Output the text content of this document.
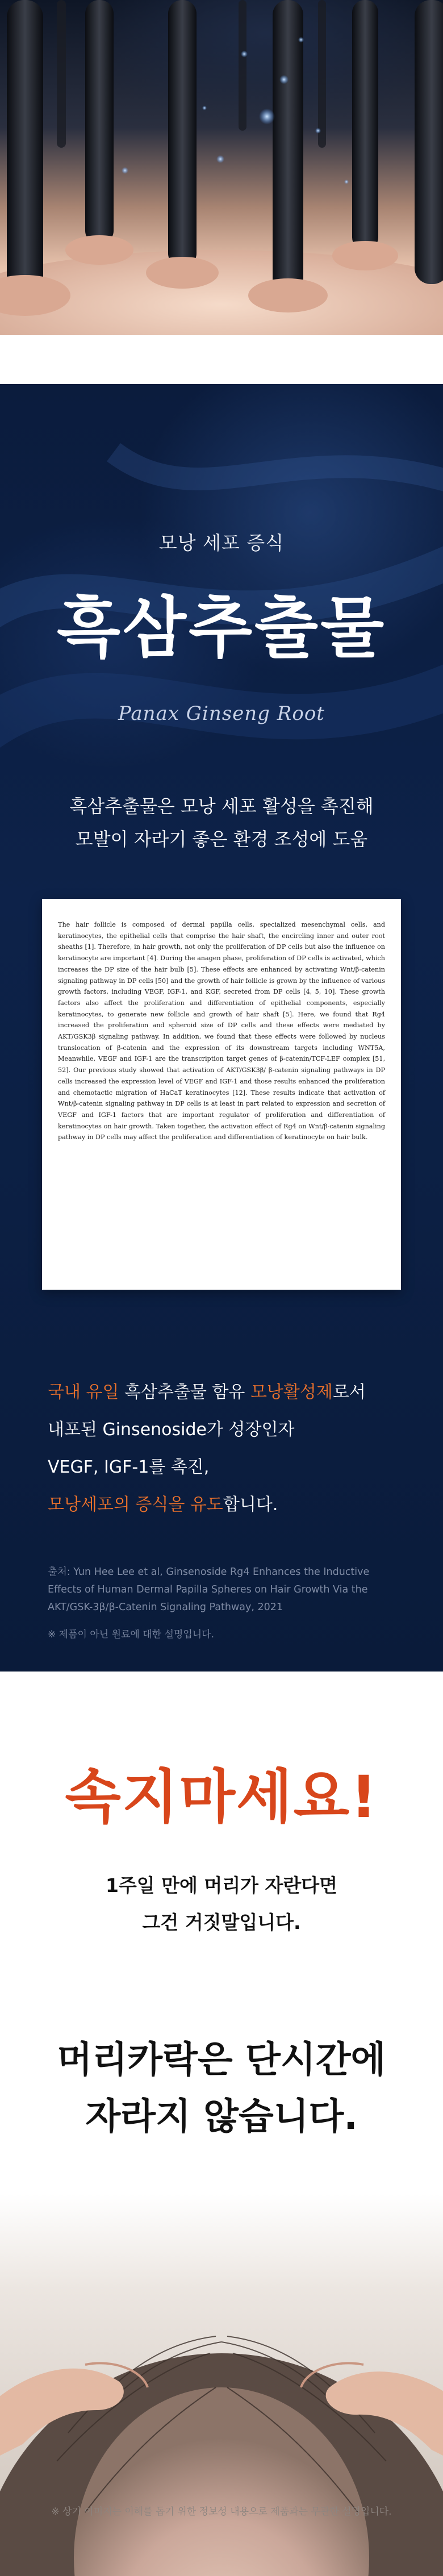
모낭 세포 증식
흑삼추출물
Panax Ginseng Root
흑삼추출물은 모낭 세포 활성을 촉진해
모발이 자라기 좋은 환경 조성에 도움

The hair follicle is composed of dermal papilla cells, specialized mesenchymal cells, and keratinocytes, the epithelial cells that comprise the hair shaft, the encircling inner and outer root sheaths [1]. Therefore, in hair growth, not only the proliferation of DP cells but also the influence on keratinocyte are important [4]. During the anagen phase, proliferation of DP cells is activated, which increases the DP size of the hair bulb [5]. These effects are enhanced by activating Wnt/β-catenin signaling pathway in DP cells [50] and the growth of hair follicle is grown by the influence of various growth factors, including VEGF, IGF-1, and KGF, secreted from DP cells [4, 5, 10]. These growth factors also affect the proliferation and differentiation of epithelial components, especially keratinocytes, to generate new follicle and growth of hair shaft [5]. Here, we found that Rg4 increased the proliferation and spheroid size of DP cells and these effects were mediated by AKT/GSK3β signaling pathway. In addition, we found that these effects were followed by nucleus translocation of β-catenin and the expression of its downstream targets including WNT5A, Meanwhile, VEGF and IGF-1 are the transcription target genes of β-catenin/TCF-LEF complex [51, 52]. Our previous study showed that activation of AKT/GSK3β/ β-catenin signaling pathways in DP cells increased the expression level of VEGF and IGF-1 and those results enhanced the proliferation and chemotactic migration of HaCaT keratinocytes [12]. These results indicate that activation of Wnt/β-catenin signaling pathway in DP cells is at least in part related to expression and secretion of VEGF and IGF-1 factors that are important regulator of proliferation and differentiation of keratinocytes on hair growth. Taken together, the activation effect of Rg4 on Wnt/β-catenin signaling pathway in DP cells may affect the proliferation and differentiation of keratinocyte on hair bulk.

국내 유일 흑삼추출물 함유 모낭활성제로서
내포된 Ginsenoside가 성장인자
VEGF, IGF-1를 촉진,
모낭세포의 증식을 유도합니다.
출처: Yun Hee Lee et al, Ginsenoside Rg4 Enhances the Inductive
Effects of Human Dermal Papilla Spheres on Hair Growth Via the
AKT/GSK-3β/β-Catenin Signaling Pathway, 2021
※ 제품이 아닌 원료에 대한 설명입니다.
속지마세요!
1주일 만에 머리가 자란다면
그건 거짓말입니다.
머리카락은 단시간에
자라지 않습니다.
※ 상기 이미지는 이해를 돕기 위한 정보성 내용으로 제품과는 무관한 설명입니다.
